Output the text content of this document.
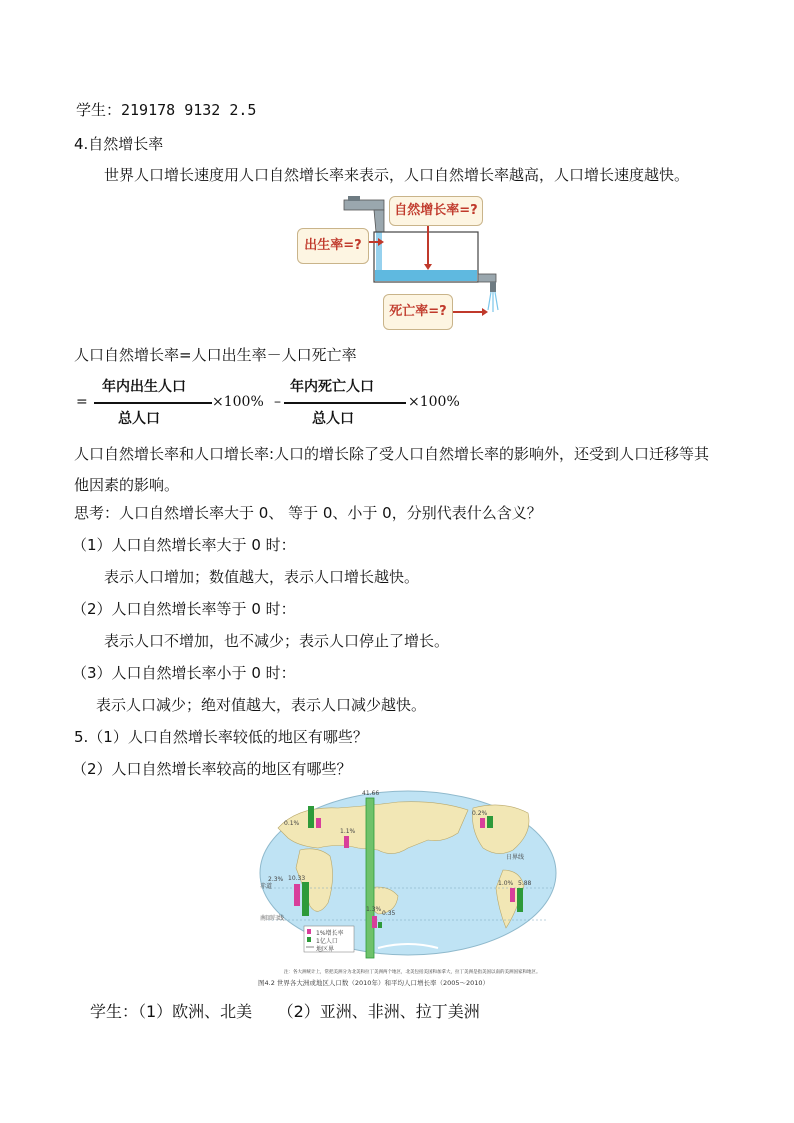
学生：219178 9132 2.5
4.自然增长率
世界人口增长速度用人口自然增长率来表示，人口自然增长率越高，人口增长速度越快。
自然增长率=?
出生率=?
死亡率=?
人口自然增长率=人口出生率－人口死亡率
=
年内出生人口
总人口
×100% –
年内死亡人口
总人口
×100%
人口自然增长率和人口增长率:人口的增长除了受人口自然增长率的影响外，还受到人口迁移等其他因素的影响。
思考：人口自然增长率大于 0、 等于 0、小于 0，分别代表什么含义？
（1）人口自然增长率大于 0 时：
表示人口增加；数值越大，表示人口增长越快。
（2）人口自然增长率等于 0 时：
表示人口不增加，也不减少；表示人口停止了增长。
（3）人口自然增长率小于 0 时：
表示人口减少；绝对值越大，表示人口减少越快。
5.（1）人口自然增长率较低的地区有哪些？
（2）人口自然增长率较高的地区有哪些？
41.66
0.1%
1.1%
2.3% 10.33
1.3%
0.35
1.0% 5.88
0.2%
赤道
南回归线
日界线
1%增长率
1亿人口
地区界
注：各大洲统计上，常把美洲分为北美和拉丁美洲两个地区，北美包括美国和加拿大，拉丁美洲是指美国以南的美洲国家和地区。
图4.2 世界各大洲或地区人口数（2010年）和平均人口增长率（2005～2010）
学生：（1）欧洲、北美     （2）亚洲、非洲、拉丁美洲
